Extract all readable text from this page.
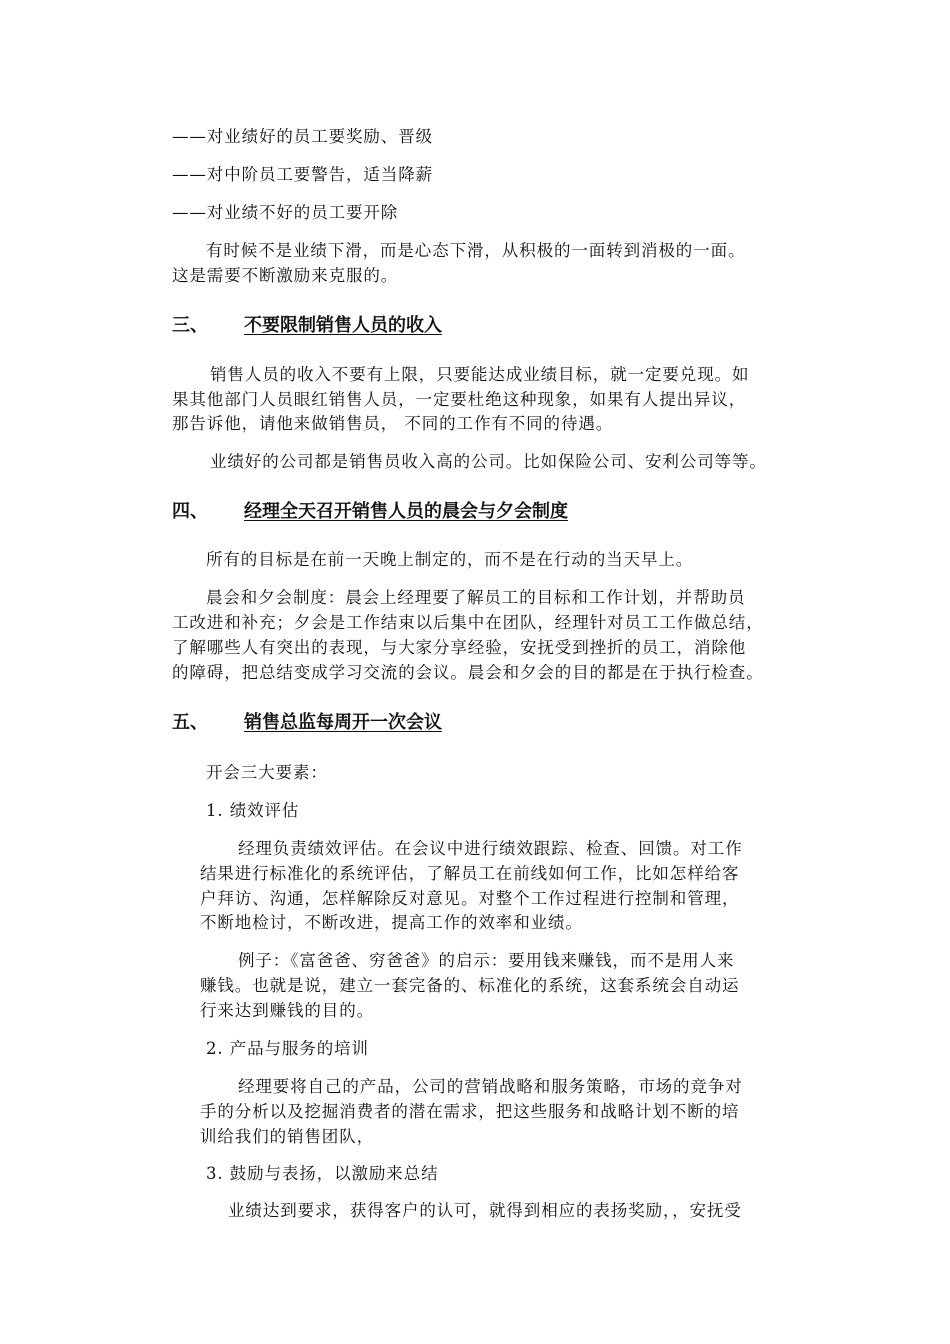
——对业绩好的员工要奖励、晋级

——对中阶员工要警告，适当降薪

——对业绩不好的员工要开除

有时候不是业绩下滑，而是心态下滑，从积极的一面转到消极的一面。

这是需要不断激励来克服的。

三、 不要限制销售人员的收入

销售人员的收入不要有上限，只要能达成业绩目标，就一定要兑现。如

果其他部门人员眼红销售人员，一定要杜绝这种现象，如果有人提出异议，

那告诉他，请他来做销售员， 不同的工作有不同的待遇。

业绩好的公司都是销售员收入高的公司。比如保险公司、安利公司等等。

四、 经理全天召开销售人员的晨会与夕会制度

所有的目标是在前一天晚上制定的，而不是在行动的当天早上。

晨会和夕会制度：晨会上经理要了解员工的目标和工作计划，并帮助员

工改进和补充；夕会是工作结束以后集中在团队，经理针对员工工作做总结，

了解哪些人有突出的表现，与大家分享经验，安抚受到挫折的员工，消除他

的障碍，把总结变成学习交流的会议。晨会和夕会的目的都是在于执行检查。

五、 销售总监每周开一次会议

开会三大要素：

1. 绩效评估

经理负责绩效评估。在会议中进行绩效跟踪、检查、回馈。对工作

结果进行标准化的系统评估，了解员工在前线如何工作，比如怎样给客

户拜访、沟通，怎样解除反对意见。对整个工作过程进行控制和管理，

不断地检讨，不断改进，提高工作的效率和业绩。

例子：《富爸爸、穷爸爸》的启示：要用钱来赚钱，而不是用人来

赚钱。也就是说，建立一套完备的、标准化的系统，这套系统会自动运

行来达到赚钱的目的。

2. 产品与服务的培训

经理要将自己的产品，公司的营销战略和服务策略，市场的竞争对

手的分析以及挖掘消费者的潜在需求，把这些服务和战略计划不断的培

训给我们的销售团队，

3. 鼓励与表扬，以激励来总结

业绩达到要求，获得客户的认可，就得到相应的表扬奖励，，安抚受
